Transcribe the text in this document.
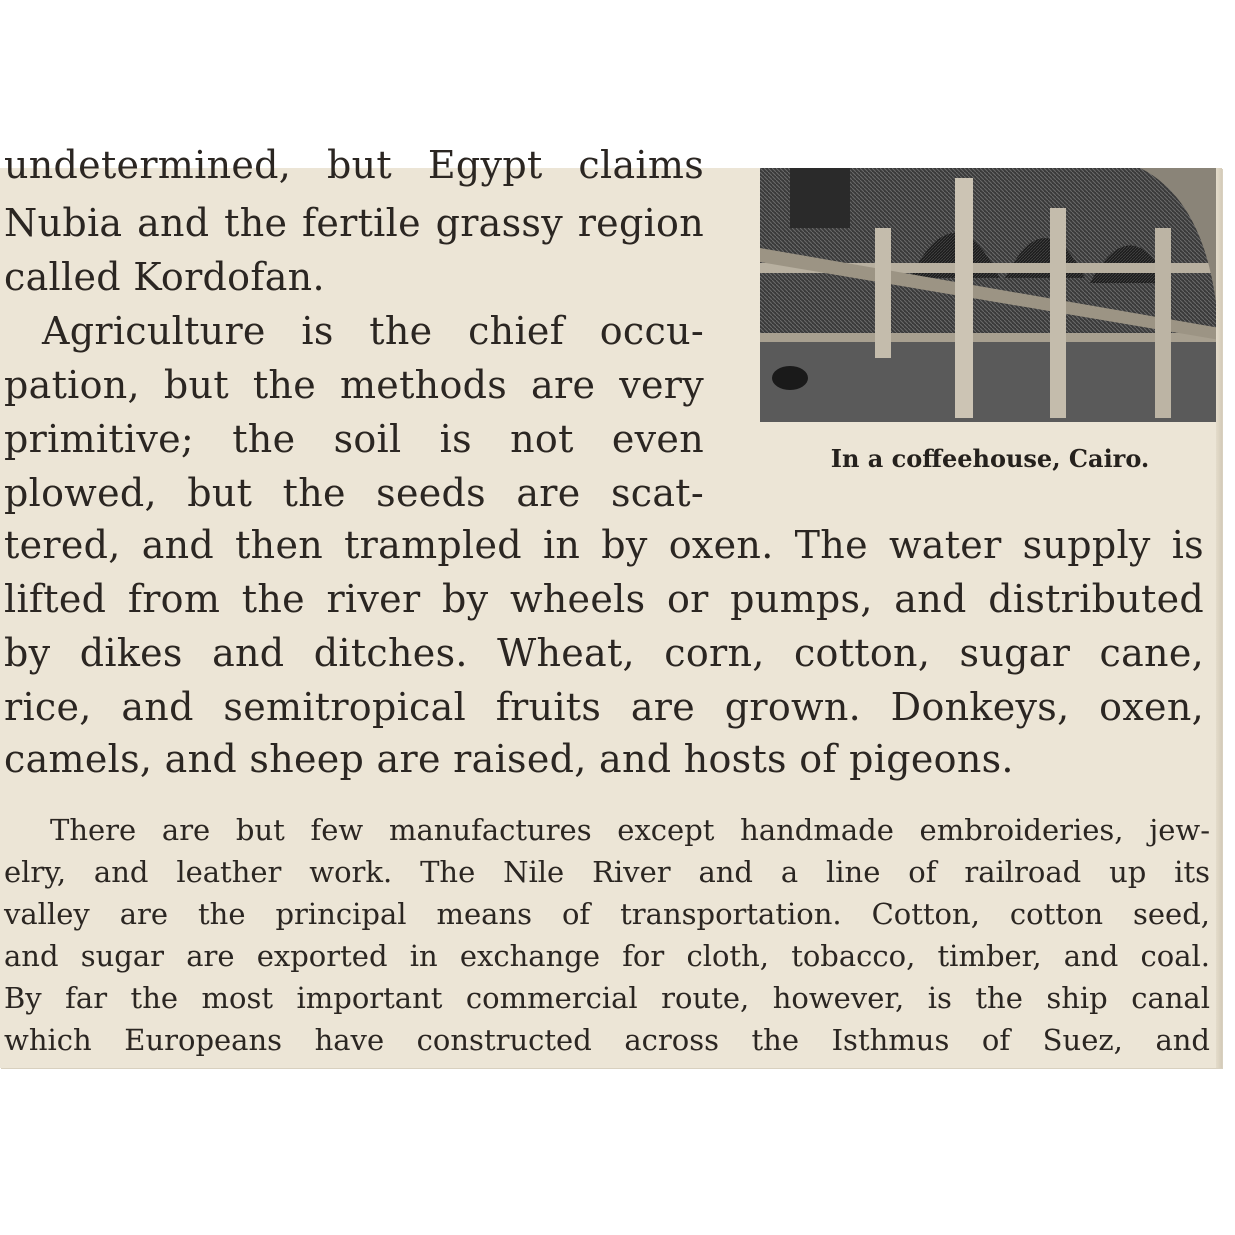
In a coffeehouse, Cairo.

undetermined, but Egypt claims

Nubia and the fertile grassy region

called Kordofan.

Agriculture is the chief occu-

pation, but the methods are very

primitive; the soil is not even

plowed, but the seeds are scat-

tered, and then trampled in by oxen. The water supply is

lifted from the river by wheels or pumps, and distributed

by dikes and ditches. Wheat, corn, cotton, sugar cane,

rice, and semitropical fruits are grown. Donkeys, oxen,

camels, and sheep are raised, and hosts of pigeons.

There are but few manufactures except handmade embroideries, jew-

elry, and leather work. The Nile River and a line of railroad up its

valley are the principal means of transportation. Cotton, cotton seed,

and sugar are exported in exchange for cloth, tobacco, timber, and coal.

By far the most important commercial route, however, is the ship canal

which Europeans have constructed across the Isthmus of Suez, and
